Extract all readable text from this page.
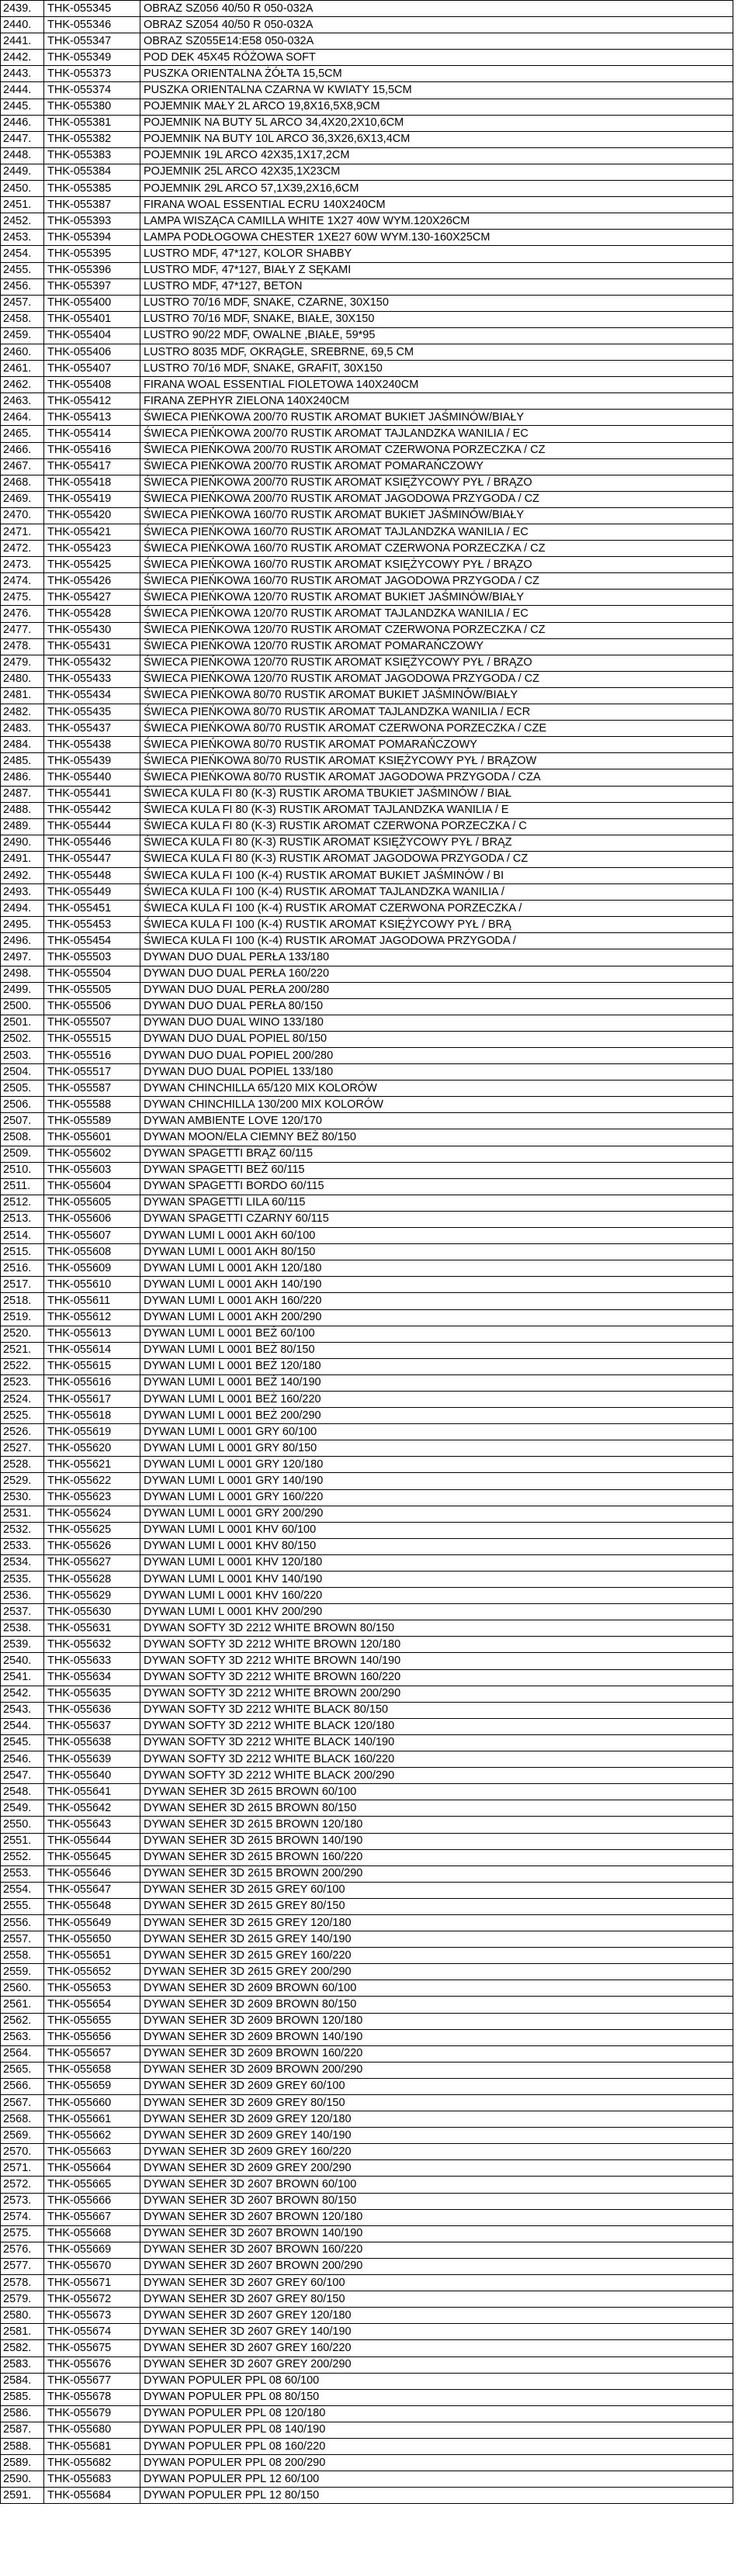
2439.	THK-055345	OBRAZ SZ056 40/50 R 050-032A
2440.	THK-055346	OBRAZ SZ054 40/50 R 050-032A
2441.	THK-055347	OBRAZ SZ055E14:E58 050-032A
2442.	THK-055349	POD DEK 45X45 RÓŻOWA SOFT
2443.	THK-055373	PUSZKA ORIENTALNA ŻÓŁTA 15,5CM
2444.	THK-055374	PUSZKA ORIENTALNA CZARNA W KWIATY 15,5CM
2445.	THK-055380	POJEMNIK MAŁY 2L ARCO 19,8X16,5X8,9CM
2446.	THK-055381	POJEMNIK NA BUTY 5L ARCO 34,4X20,2X10,6CM
2447.	THK-055382	POJEMNIK NA BUTY 10L ARCO 36,3X26,6X13,4CM
2448.	THK-055383	POJEMNIK 19L ARCO 42X35,1X17,2CM
2449.	THK-055384	POJEMNIK 25L ARCO 42X35,1X23CM
2450.	THK-055385	POJEMNIK 29L ARCO 57,1X39,2X16,6CM
2451.	THK-055387	FIRANA WOAL ESSENTIAL ECRU 140X240CM
2452.	THK-055393	LAMPA WISZĄCA CAMILLA WHITE 1X27 40W WYM.120X26CM
2453.	THK-055394	LAMPA PODŁOGOWA CHESTER 1XE27 60W WYM.130-160X25CM
2454.	THK-055395	LUSTRO MDF, 47*127, KOLOR SHABBY
2455.	THK-055396	LUSTRO MDF, 47*127, BIAŁY Z SĘKAMI
2456.	THK-055397	LUSTRO MDF, 47*127, BETON
2457.	THK-055400	LUSTRO 70/16 MDF, SNAKE, CZARNE, 30X150
2458.	THK-055401	LUSTRO 70/16 MDF, SNAKE, BIAŁE, 30X150
2459.	THK-055404	LUSTRO 90/22 MDF, OWALNE ,BIAŁE, 59*95
2460.	THK-055406	LUSTRO 8035 MDF, OKRĄGŁE, SREBRNE, 69,5 CM
2461.	THK-055407	LUSTRO 70/16 MDF, SNAKE, GRAFIT, 30X150
2462.	THK-055408	FIRANA WOAL ESSENTIAL FIOLETOWA 140X240CM
2463.	THK-055412	FIRANA ZEPHYR ZIELONA 140X240CM
2464.	THK-055413	ŚWIECA PIEŃKOWA 200/70 RUSTIK AROMAT BUKIET JAŚMINÓW/BIAŁY
2465.	THK-055414	ŚWIECA PIEŃKOWA 200/70 RUSTIK AROMAT TAJLANDZKA WANILIA / EC
2466.	THK-055416	ŚWIECA PIEŃKOWA 200/70 RUSTIK AROMAT CZERWONA PORZECZKA / CZ
2467.	THK-055417	ŚWIECA PIEŃKOWA 200/70 RUSTIK AROMAT POMARAŃCZOWY
2468.	THK-055418	ŚWIECA PIEŃKOWA 200/70 RUSTIK AROMAT KSIĘŻYCOWY PYŁ / BRĄZO
2469.	THK-055419	ŚWIECA PIEŃKOWA 200/70 RUSTIK AROMAT JAGODOWA PRZYGODA / CZ
2470.	THK-055420	ŚWIECA PIEŃKOWA 160/70 RUSTIK AROMAT BUKIET JAŚMINÓW/BIAŁY
2471.	THK-055421	ŚWIECA PIEŃKOWA 160/70 RUSTIK AROMAT TAJLANDZKA WANILIA / EC
2472.	THK-055423	ŚWIECA PIEŃKOWA 160/70 RUSTIK AROMAT CZERWONA PORZECZKA / CZ
2473.	THK-055425	ŚWIECA PIEŃKOWA 160/70 RUSTIK AROMAT KSIĘŻYCOWY PYŁ / BRĄZO
2474.	THK-055426	ŚWIECA PIEŃKOWA 160/70 RUSTIK AROMAT JAGODOWA PRZYGODA / CZ
2475.	THK-055427	ŚWIECA PIEŃKOWA 120/70 RUSTIK AROMAT BUKIET JAŚMINÓW/BIAŁY
2476.	THK-055428	ŚWIECA PIEŃKOWA 120/70 RUSTIK AROMAT TAJLANDZKA WANILIA / EC
2477.	THK-055430	ŚWIECA PIEŃKOWA 120/70 RUSTIK AROMAT CZERWONA PORZECZKA / CZ
2478.	THK-055431	ŚWIECA PIEŃKOWA 120/70 RUSTIK AROMAT POMARAŃCZOWY
2479.	THK-055432	ŚWIECA PIEŃKOWA 120/70 RUSTIK AROMAT KSIĘŻYCOWY PYŁ / BRĄZO
2480.	THK-055433	ŚWIECA PIEŃKOWA 120/70 RUSTIK AROMAT JAGODOWA PRZYGODA / CZ
2481.	THK-055434	ŚWIECA PIEŃKOWA 80/70 RUSTIK AROMAT BUKIET JAŚMINÓW/BIAŁY
2482.	THK-055435	ŚWIECA PIEŃKOWA 80/70 RUSTIK AROMAT TAJLANDZKA WANILIA / ECR
2483.	THK-055437	ŚWIECA PIEŃKOWA 80/70 RUSTIK AROMAT CZERWONA PORZECZKA / CZE
2484.	THK-055438	ŚWIECA PIEŃKOWA 80/70 RUSTIK AROMAT POMARAŃCZOWY
2485.	THK-055439	ŚWIECA PIEŃKOWA 80/70 RUSTIK AROMAT KSIĘŻYCOWY PYŁ / BRĄZOW
2486.	THK-055440	ŚWIECA PIEŃKOWA 80/70 RUSTIK AROMAT JAGODOWA PRZYGODA / CZA
2487.	THK-055441	ŚWIECA KULA FI 80 (K-3) RUSTIK AROMA TBUKIET JAŚMINÓW / BIAŁ
2488.	THK-055442	ŚWIECA KULA FI 80 (K-3) RUSTIK AROMAT TAJLANDZKA WANILIA / E
2489.	THK-055444	ŚWIECA KULA FI 80 (K-3) RUSTIK AROMAT CZERWONA PORZECZKA / C
2490.	THK-055446	ŚWIECA KULA FI 80 (K-3) RUSTIK AROMAT KSIĘŻYCOWY PYŁ / BRĄZ
2491.	THK-055447	ŚWIECA KULA FI 80 (K-3) RUSTIK AROMAT JAGODOWA PRZYGODA / CZ
2492.	THK-055448	ŚWIECA KULA FI 100 (K-4) RUSTIK AROMAT BUKIET JAŚMINÓW / BI
2493.	THK-055449	ŚWIECA KULA FI 100 (K-4) RUSTIK AROMAT TAJLANDZKA WANILIA /
2494.	THK-055451	ŚWIECA KULA FI 100 (K-4) RUSTIK AROMAT CZERWONA PORZECZKA /
2495.	THK-055453	ŚWIECA KULA FI 100 (K-4) RUSTIK AROMAT KSIĘŻYCOWY PYŁ / BRĄ
2496.	THK-055454	ŚWIECA KULA FI 100 (K-4) RUSTIK AROMAT JAGODOWA PRZYGODA /
2497.	THK-055503	DYWAN DUO DUAL PERŁA 133/180
2498.	THK-055504	DYWAN DUO DUAL PERŁA 160/220
2499.	THK-055505	DYWAN DUO DUAL PERŁA 200/280
2500.	THK-055506	DYWAN DUO DUAL PERŁA 80/150
2501.	THK-055507	DYWAN DUO DUAL WINO 133/180
2502.	THK-055515	DYWAN DUO DUAL POPIEL 80/150
2503.	THK-055516	DYWAN DUO DUAL POPIEL 200/280
2504.	THK-055517	DYWAN DUO DUAL POPIEL 133/180
2505.	THK-055587	DYWAN CHINCHILLA 65/120 MIX KOLORÓW
2506.	THK-055588	DYWAN CHINCHILLA 130/200 MIX KOLORÓW
2507.	THK-055589	DYWAN AMBIENTE LOVE 120/170
2508.	THK-055601	DYWAN MOON/ELA CIEMNY BEŻ 80/150
2509.	THK-055602	DYWAN SPAGETTI BRĄZ 60/115
2510.	THK-055603	DYWAN SPAGETTI BEŻ 60/115
2511.	THK-055604	DYWAN SPAGETTI BORDO 60/115
2512.	THK-055605	DYWAN SPAGETTI LILA 60/115
2513.	THK-055606	DYWAN SPAGETTI CZARNY 60/115
2514.	THK-055607	DYWAN LUMI L 0001 AKH 60/100
2515.	THK-055608	DYWAN LUMI L 0001 AKH 80/150
2516.	THK-055609	DYWAN LUMI L 0001 AKH 120/180
2517.	THK-055610	DYWAN LUMI L 0001 AKH 140/190
2518.	THK-055611	DYWAN LUMI L 0001 AKH 160/220
2519.	THK-055612	DYWAN LUMI L 0001 AKH 200/290
2520.	THK-055613	DYWAN LUMI L 0001 BEŻ 60/100
2521.	THK-055614	DYWAN LUMI L 0001 BEŻ 80/150
2522.	THK-055615	DYWAN LUMI L 0001 BEŻ 120/180
2523.	THK-055616	DYWAN LUMI L 0001 BEŻ 140/190
2524.	THK-055617	DYWAN LUMI L 0001 BEŻ 160/220
2525.	THK-055618	DYWAN LUMI L 0001 BEŻ 200/290
2526.	THK-055619	DYWAN LUMI L 0001 GRY 60/100
2527.	THK-055620	DYWAN LUMI L 0001 GRY 80/150
2528.	THK-055621	DYWAN LUMI L 0001 GRY 120/180
2529.	THK-055622	DYWAN LUMI L 0001 GRY 140/190
2530.	THK-055623	DYWAN LUMI L 0001 GRY 160/220
2531.	THK-055624	DYWAN LUMI L 0001 GRY 200/290
2532.	THK-055625	DYWAN LUMI L 0001 KHV 60/100
2533.	THK-055626	DYWAN LUMI L 0001 KHV 80/150
2534.	THK-055627	DYWAN LUMI L 0001 KHV 120/180
2535.	THK-055628	DYWAN LUMI L 0001 KHV 140/190
2536.	THK-055629	DYWAN LUMI L 0001 KHV 160/220
2537.	THK-055630	DYWAN LUMI L 0001 KHV 200/290
2538.	THK-055631	DYWAN SOFTY 3D 2212 WHITE BROWN 80/150
2539.	THK-055632	DYWAN SOFTY 3D 2212 WHITE BROWN 120/180
2540.	THK-055633	DYWAN SOFTY 3D 2212 WHITE BROWN 140/190
2541.	THK-055634	DYWAN SOFTY 3D 2212 WHITE BROWN 160/220
2542.	THK-055635	DYWAN SOFTY 3D 2212 WHITE BROWN 200/290
2543.	THK-055636	DYWAN SOFTY 3D 2212 WHITE BLACK 80/150
2544.	THK-055637	DYWAN SOFTY 3D 2212 WHITE BLACK 120/180
2545.	THK-055638	DYWAN SOFTY 3D 2212 WHITE BLACK 140/190
2546.	THK-055639	DYWAN SOFTY 3D 2212 WHITE BLACK 160/220
2547.	THK-055640	DYWAN SOFTY 3D 2212 WHITE BLACK 200/290
2548.	THK-055641	DYWAN SEHER 3D 2615 BROWN 60/100
2549.	THK-055642	DYWAN SEHER 3D 2615 BROWN 80/150
2550.	THK-055643	DYWAN SEHER 3D 2615 BROWN 120/180
2551.	THK-055644	DYWAN SEHER 3D 2615 BROWN 140/190
2552.	THK-055645	DYWAN SEHER 3D 2615 BROWN 160/220
2553.	THK-055646	DYWAN SEHER 3D 2615 BROWN 200/290
2554.	THK-055647	DYWAN SEHER 3D 2615 GREY 60/100
2555.	THK-055648	DYWAN SEHER 3D 2615 GREY 80/150
2556.	THK-055649	DYWAN SEHER 3D 2615 GREY 120/180
2557.	THK-055650	DYWAN SEHER 3D 2615 GREY 140/190
2558.	THK-055651	DYWAN SEHER 3D 2615 GREY 160/220
2559.	THK-055652	DYWAN SEHER 3D 2615 GREY 200/290
2560.	THK-055653	DYWAN SEHER 3D 2609 BROWN 60/100
2561.	THK-055654	DYWAN SEHER 3D 2609 BROWN 80/150
2562.	THK-055655	DYWAN SEHER 3D 2609 BROWN 120/180
2563.	THK-055656	DYWAN SEHER 3D 2609 BROWN 140/190
2564.	THK-055657	DYWAN SEHER 3D 2609 BROWN 160/220
2565.	THK-055658	DYWAN SEHER 3D 2609 BROWN 200/290
2566.	THK-055659	DYWAN SEHER 3D 2609 GREY 60/100
2567.	THK-055660	DYWAN SEHER 3D 2609 GREY 80/150
2568.	THK-055661	DYWAN SEHER 3D 2609 GREY 120/180
2569.	THK-055662	DYWAN SEHER 3D 2609 GREY 140/190
2570.	THK-055663	DYWAN SEHER 3D 2609 GREY 160/220
2571.	THK-055664	DYWAN SEHER 3D 2609 GREY 200/290
2572.	THK-055665	DYWAN SEHER 3D 2607 BROWN 60/100
2573.	THK-055666	DYWAN SEHER 3D 2607 BROWN 80/150
2574.	THK-055667	DYWAN SEHER 3D 2607 BROWN 120/180
2575.	THK-055668	DYWAN SEHER 3D 2607 BROWN 140/190
2576.	THK-055669	DYWAN SEHER 3D 2607 BROWN 160/220
2577.	THK-055670	DYWAN SEHER 3D 2607 BROWN 200/290
2578.	THK-055671	DYWAN SEHER 3D 2607 GREY 60/100
2579.	THK-055672	DYWAN SEHER 3D 2607 GREY 80/150
2580.	THK-055673	DYWAN SEHER 3D 2607 GREY 120/180
2581.	THK-055674	DYWAN SEHER 3D 2607 GREY 140/190
2582.	THK-055675	DYWAN SEHER 3D 2607 GREY 160/220
2583.	THK-055676	DYWAN SEHER 3D 2607 GREY 200/290
2584.	THK-055677	DYWAN POPULER PPL 08 60/100
2585.	THK-055678	DYWAN POPULER PPL 08 80/150
2586.	THK-055679	DYWAN POPULER PPL 08 120/180
2587.	THK-055680	DYWAN POPULER PPL 08 140/190
2588.	THK-055681	DYWAN POPULER PPL 08 160/220
2589.	THK-055682	DYWAN POPULER PPL 08 200/290
2590.	THK-055683	DYWAN POPULER PPL 12 60/100
2591.	THK-055684	DYWAN POPULER PPL 12 80/150
